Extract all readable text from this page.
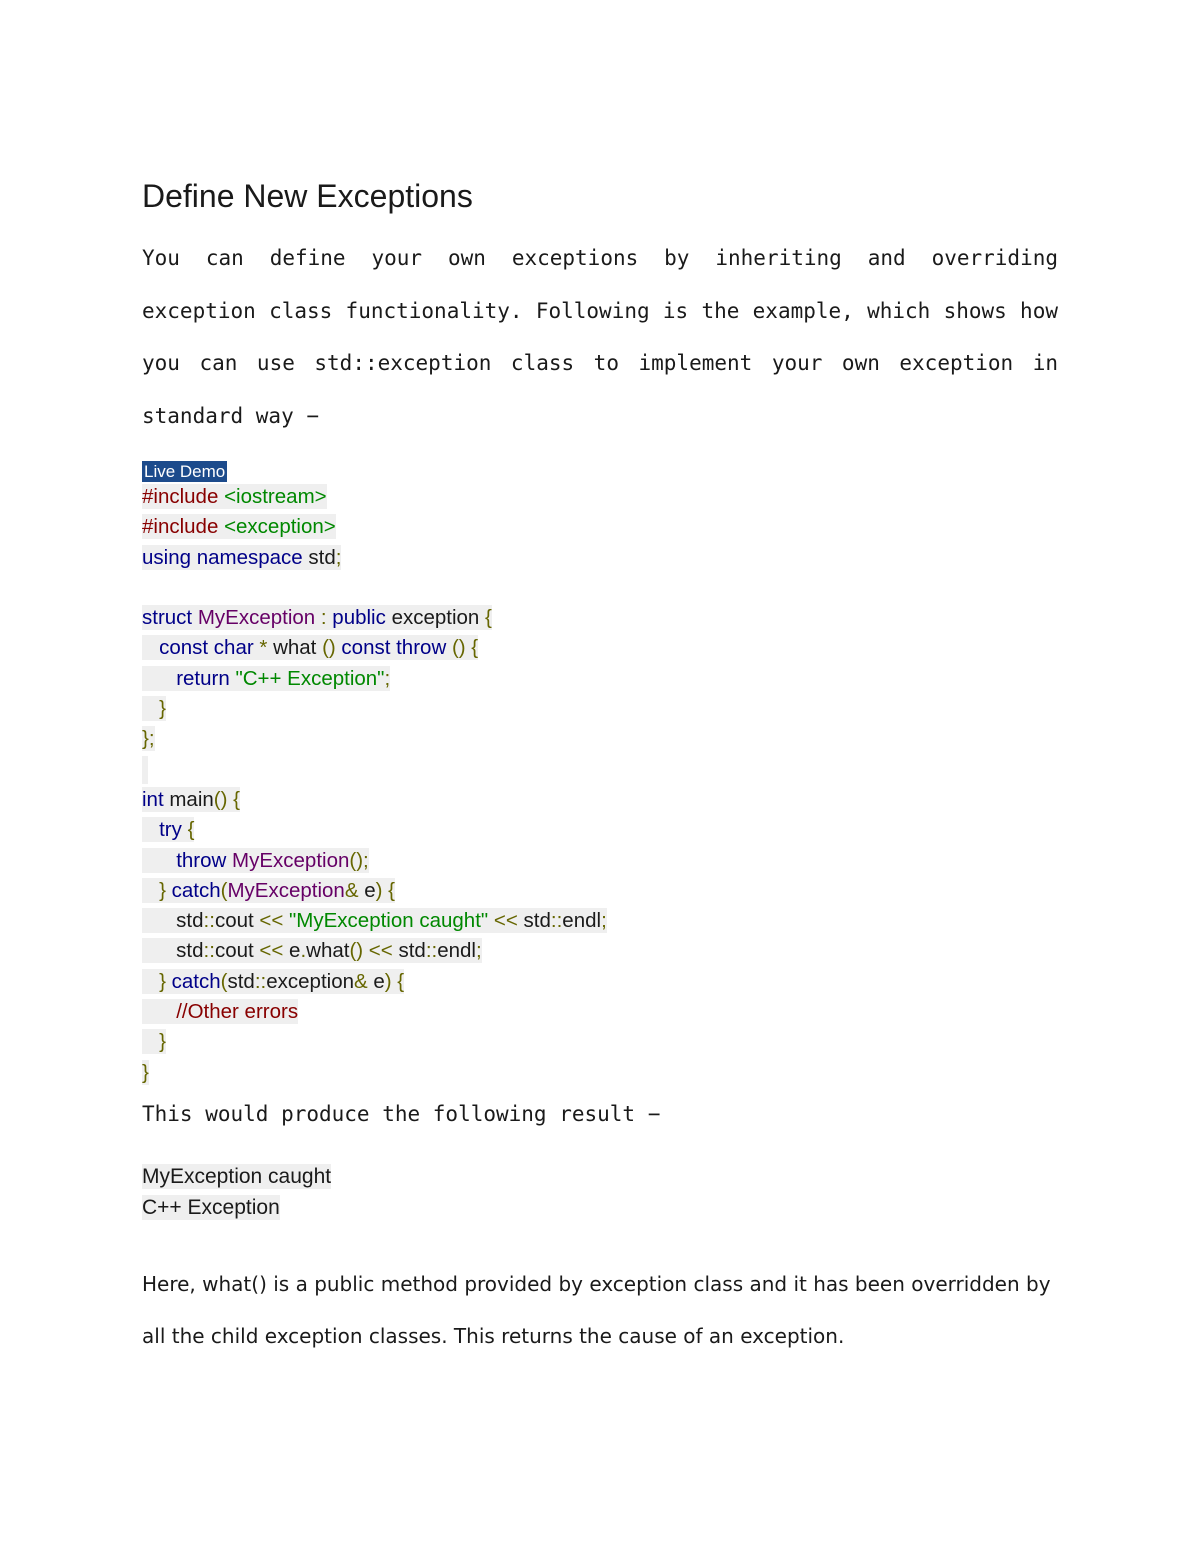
Define New Exceptions
You can define your own exceptions by inheriting and overriding exception class functionality. Following is the example, which shows how you can use std::exception class to implement your own exception in standard way −
Live Demo
#include <iostream>
#include <exception>
using namespace std;
struct MyException : public exception {
const char * what () const throw () {
return "C++ Exception";
}
};
int main() {
try {
throw MyException();
} catch(MyException& e) {
std::cout << "MyException caught" << std::endl;
std::cout << e.what() << std::endl;
} catch(std::exception& e) {
//Other errors
}
}
This would produce the following result −
MyException caught
C++ Exception
Here, what() is a public method provided by exception class and it has been overridden by all the child exception classes. This returns the cause of an exception.
